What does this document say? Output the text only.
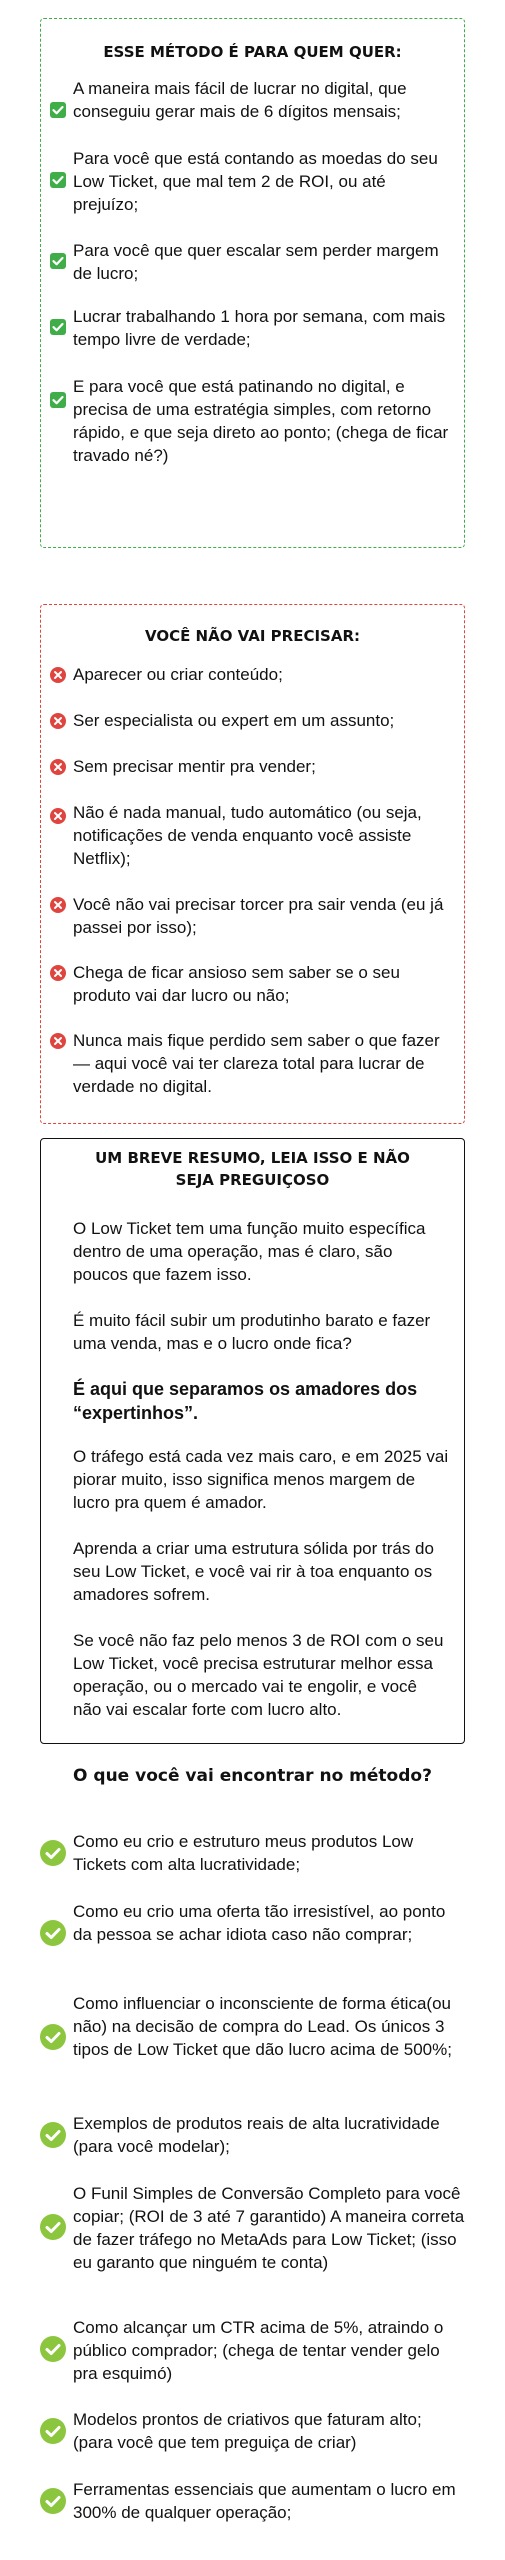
ESSE MÉTODO É PARA QUEM QUER:
A maneira mais fácil de lucrar no digital, que conseguiu gerar mais de 6 dígitos mensais;
Para você que está contando as moedas do seu Low Ticket, que mal tem 2 de ROI, ou até prejuízo;
Para você que quer escalar sem perder margem de lucro;
Lucrar trabalhando 1 hora por semana, com mais tempo livre de verdade;
E para você que está patinando no digital, e precisa de uma estratégia simples, com retorno rápido, e que seja direto ao ponto; (chega de ficar travado né?)
VOCÊ NÃO VAI PRECISAR:
Aparecer ou criar conteúdo;
Ser especialista ou expert em um assunto;
Sem precisar mentir pra vender;
Não é nada manual, tudo automático (ou seja, notificações de venda enquanto você assiste Netflix);
Você não vai precisar torcer pra sair venda (eu já passei por isso);
Chega de ficar ansioso sem saber se o seu produto vai dar lucro ou não;
Nunca mais fique perdido sem saber o que fazer — aqui você vai ter clareza total para lucrar de verdade no digital.
UM BREVE RESUMO, LEIA ISSO E NÃO
SEJA PREGUIÇOSO
O Low Ticket tem uma função muito específica dentro de uma operação, mas é claro, são poucos que fazem isso.
É muito fácil subir um produtinho barato e fazer uma venda, mas e o lucro onde fica?
É aqui que separamos os amadores dos “expertinhos”.
O tráfego está cada vez mais caro, e em 2025 vai piorar muito, isso significa menos margem de lucro pra quem é amador.
Aprenda a criar uma estrutura sólida por trás do seu Low Ticket, e você vai rir à toa enquanto os amadores sofrem.
Se você não faz pelo menos 3 de ROI com o seu Low Ticket, você precisa estruturar melhor essa operação, ou o mercado vai te engolir, e você não vai escalar forte com lucro alto.
O que você vai encontrar no método?
Como eu crio e estruturo meus produtos Low Tickets com alta lucratividade;
Como eu crio uma oferta tão irresistível, ao ponto da pessoa se achar idiota caso não comprar;
Como influenciar o inconsciente de forma ética(ou não) na decisão de compra do Lead. Os únicos 3 tipos de Low Ticket que dão lucro acima de 500%;
Exemplos de produtos reais de alta lucratividade (para você modelar);
O Funil Simples de Conversão Completo para você copiar; (ROI de 3 até 7 garantido) A maneira correta de fazer tráfego no MetaAds para Low Ticket; (isso eu garanto que ninguém te conta)
Como alcançar um CTR acima de 5%, atraindo o público comprador; (chega de tentar vender gelo pra esquimó)
Modelos prontos de criativos que faturam alto; (para você que tem preguiça de criar)
Ferramentas essenciais que aumentam o lucro em 300% de qualquer operação;
